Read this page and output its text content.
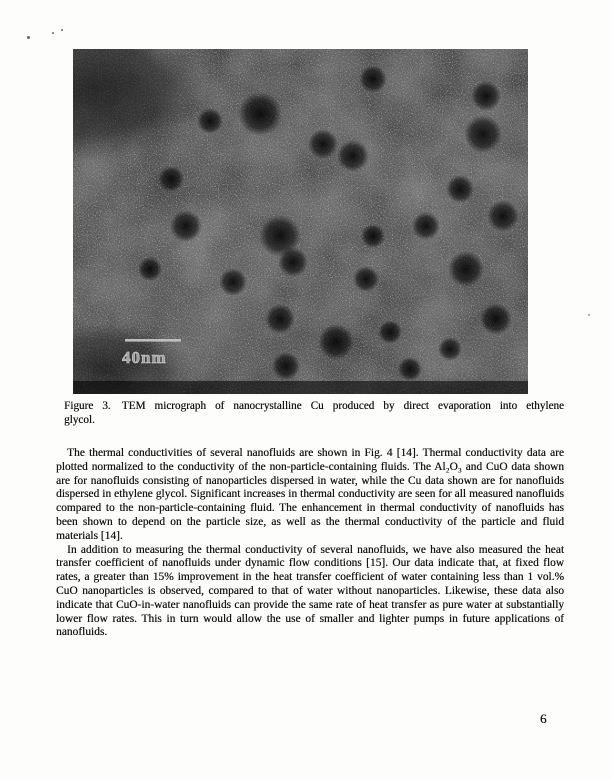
40nm
Figure 3. TEM micrograph of nanocrystalline Cu produced by direct evaporation into ethylene
glycol.

The thermal conductivities of several nanofluids are shown in Fig. 4 [14]. Thermal conductivity data are plotted normalized to the conductivity of the non-particle-containing fluids. The Al₂O₃ and CuO data shown are for nanofluids consisting of nanoparticles dispersed in water, while the Cu data shown are for nanofluids dispersed in ethylene glycol. Significant increases in thermal conductivity are seen for all measured nanofluids compared to the non-particle-containing fluid. The enhancement in thermal conductivity of nanofluids has been shown to depend on the particle size, as well as the thermal conductivity of the particle and fluid materials [14].

In addition to measuring the thermal conductivity of several nanofluids, we have also measured the heat transfer coefficient of nanofluids under dynamic flow conditions [15]. Our data indicate that, at fixed flow rates, a greater than 15% improvement in the heat transfer coefficient of water containing less than 1 vol.% CuO nanoparticles is observed, compared to that of water without nanoparticles. Likewise, these data also indicate that CuO-in-water nanofluids can provide the same rate of heat transfer as pure water at substantially lower flow rates. This in turn would allow the use of smaller and lighter pumps in future applications of nanofluids.

6
